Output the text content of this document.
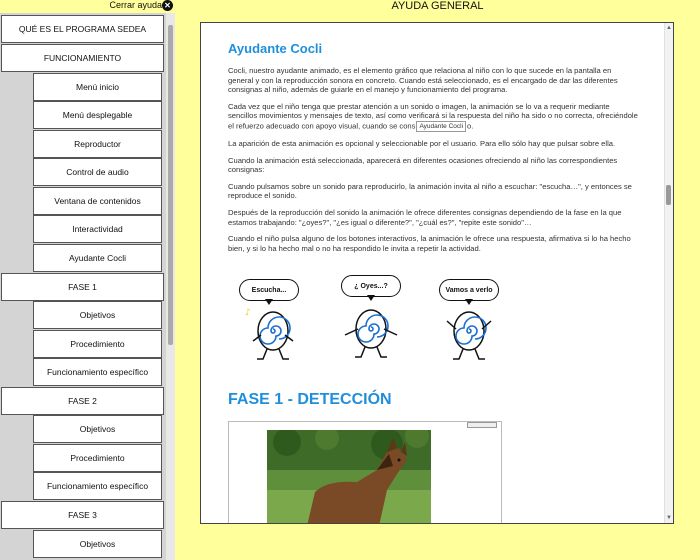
Cerrar ayuda ✕
QUÉ ES EL PROGRAMA SEDEA
FUNCIONAMIENTO
Menú inicio
Menú desplegable
Reproductor
Control de audio
Ventana de contenidos
Interactividad
Ayudante Cocli
FASE 1
Objetivos
Procedimiento
Funcionamiento específico
FASE 2
Objetivos
Procedimiento
Funcionamiento específico
FASE 3
Objetivos
AYUDA GENERAL
Ayudante Cocli

Cocli, nuestro ayudante animado, es el elemento gráfico que relaciona al niño con lo que sucede en la pantalla en general y con la reproducción sonora en concreto. Cuando está seleccionado, es el encargado de dar las diferentes consignas al niño, además de guiarle en el manejo y funcionamiento del programa.

Cada vez que el niño tenga que prestar atención a un sonido o imagen, la animación se lo va a requerir mediante sencillos movimientos y mensajes de texto, así como verificará si la respuesta del niño ha sido o no correcta, ofreciéndole el refuerzo adecuado con apoyo visual, cuando se cons Ayudante Cocli o.

La aparición de esta animación es opcional y seleccionable por el usuario. Para ello sólo hay que pulsar sobre ella.

Cuando la animación está seleccionada, aparecerá en diferentes ocasiones ofreciendo al niño las correspondientes consignas:

Cuando pulsamos sobre un sonido para reproducirlo, la animación invita al niño a escuchar: "escucha…", y entonces se reproduce el sonido.

Después de la reproducción del sonido la animación le ofrece diferentes consignas dependiendo de la fase en la que estamos trabajando: "¿oyes?", "¿es igual o diferente?", "¿cuál es?", "repite este sonido"…

Cuando el niño pulsa alguno de los botones interactivos, la animación le ofrece una respuesta, afirmativa si lo ha hecho bien, y si lo ha hecho mal o no ha respondido le invita a repetir la actividad.

Escucha...
♪
¿ Oyes...?
Vamos a verlo
FASE 1 - DETECCIÓN
▲
▼
